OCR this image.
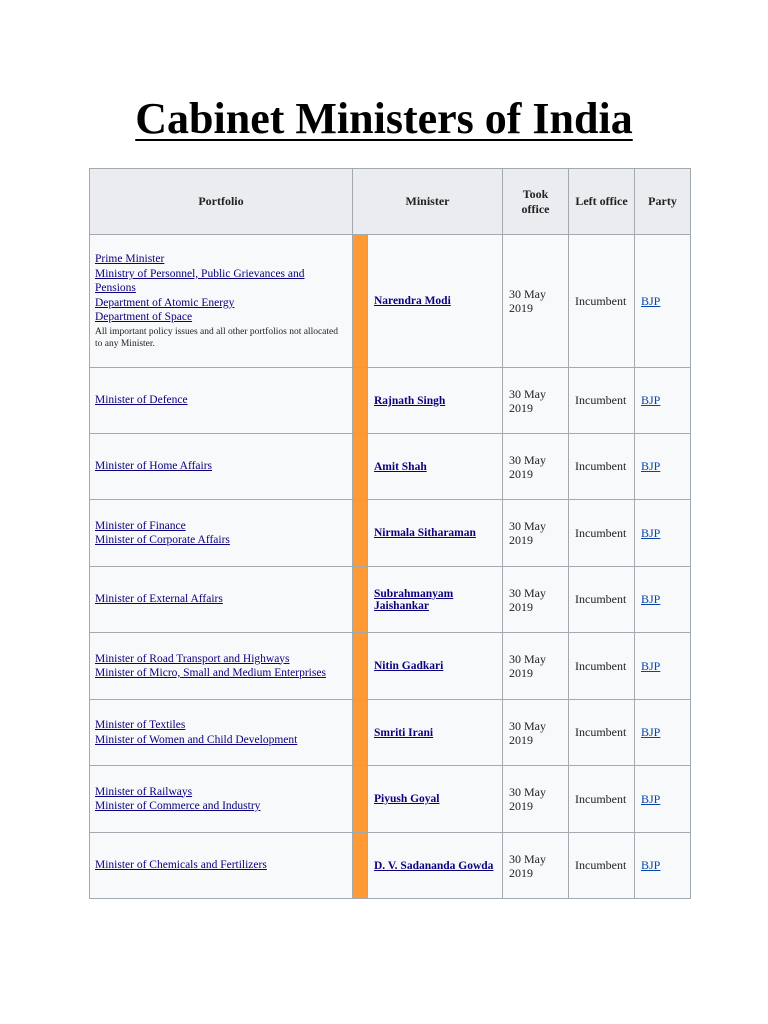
Cabinet Ministers of India
Portfolio	Minister		Took office	Left office	Party
Prime Minister
Ministry of Personnel, Public Grievances and Pensions
Department of Atomic Energy
Department of Space

All important policy issues and all other portfolios not allocated to any Minister.		Narendra Modi	30 May 2019	Incumbent	BJP
Minister of Defence		Rajnath Singh	30 May 2019	Incumbent	BJP
Minister of Home Affairs		Amit Shah	30 May 2019	Incumbent	BJP
Minister of Finance
Minister of Corporate Affairs		Nirmala Sitharaman	30 May 2019	Incumbent	BJP
Minister of External Affairs		Subrahmanyam Jaishankar	30 May 2019	Incumbent	BJP
Minister of Road Transport and Highways
Minister of Micro, Small and Medium Enterprises		Nitin Gadkari	30 May 2019	Incumbent	BJP
Minister of Textiles
Minister of Women and Child Development		Smriti Irani	30 May 2019	Incumbent	BJP
Minister of Railways
Minister of Commerce and Industry		Piyush Goyal	30 May 2019	Incumbent	BJP
Minister of Chemicals and Fertilizers		D. V. Sadananda Gowda	30 May 2019	Incumbent	BJP
